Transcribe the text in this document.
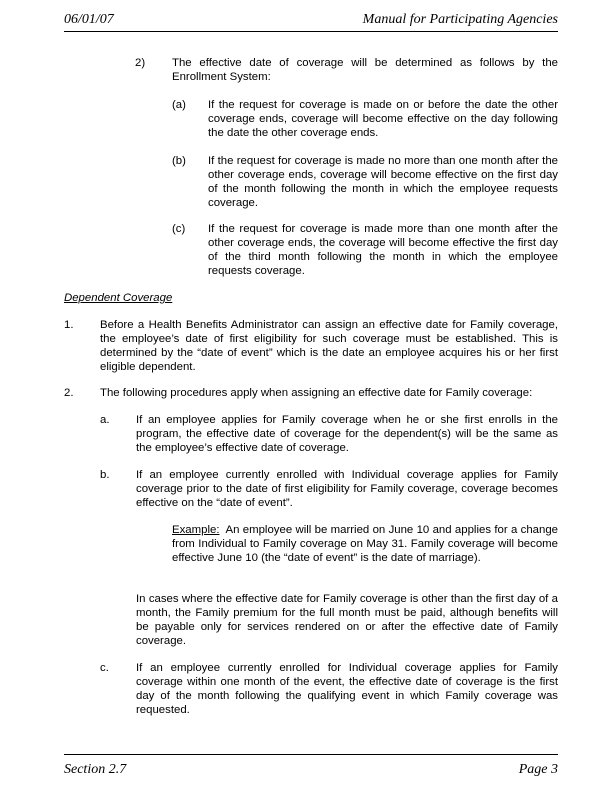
06/01/07	Manual for Participating Agencies
2) The effective date of coverage will be determined as follows by the Enrollment System:

(a) If the request for coverage is made on or before the date the other coverage ends, coverage will become effective on the day following the date the other coverage ends.

(b) If the request for coverage is made no more than one month after the other coverage ends, coverage will become effective on the first day of the month following the month in which the employee requests coverage.

(c) If the request for coverage is made more than one month after the other coverage ends, the coverage will become effective the first day of the third month following the month in which the employee requests coverage.

Dependent Coverage
1. Before a Health Benefits Administrator can assign an effective date for Family coverage, the employee’s date of first eligibility for such coverage must be established. This is determined by the “date of event” which is the date an employee acquires his or her first eligible dependent.

2. The following procedures apply when assigning an effective date for Family coverage:

a. If an employee applies for Family coverage when he or she first enrolls in the program, the effective date of coverage for the dependent(s) will be the same as the employee’s effective date of coverage.

b. If an employee currently enrolled with Individual coverage applies for Family coverage prior to the date of first eligibility for Family coverage, coverage becomes effective on the “date of event”.

Example: An employee will be married on June 10 and applies for a change from Individual to Family coverage on May 31. Family coverage will become effective June 10 (the “date of event” is the date of marriage).

In cases where the effective date for Family coverage is other than the first day of a month, the Family premium for the full month must be paid, although benefits will be payable only for services rendered on or after the effective date of Family coverage.

c. If an employee currently enrolled for Individual coverage applies for Family coverage within one month of the event, the effective date of coverage is the first day of the month following the qualifying event in which Family coverage was requested.

Section 2.7	Page 3
